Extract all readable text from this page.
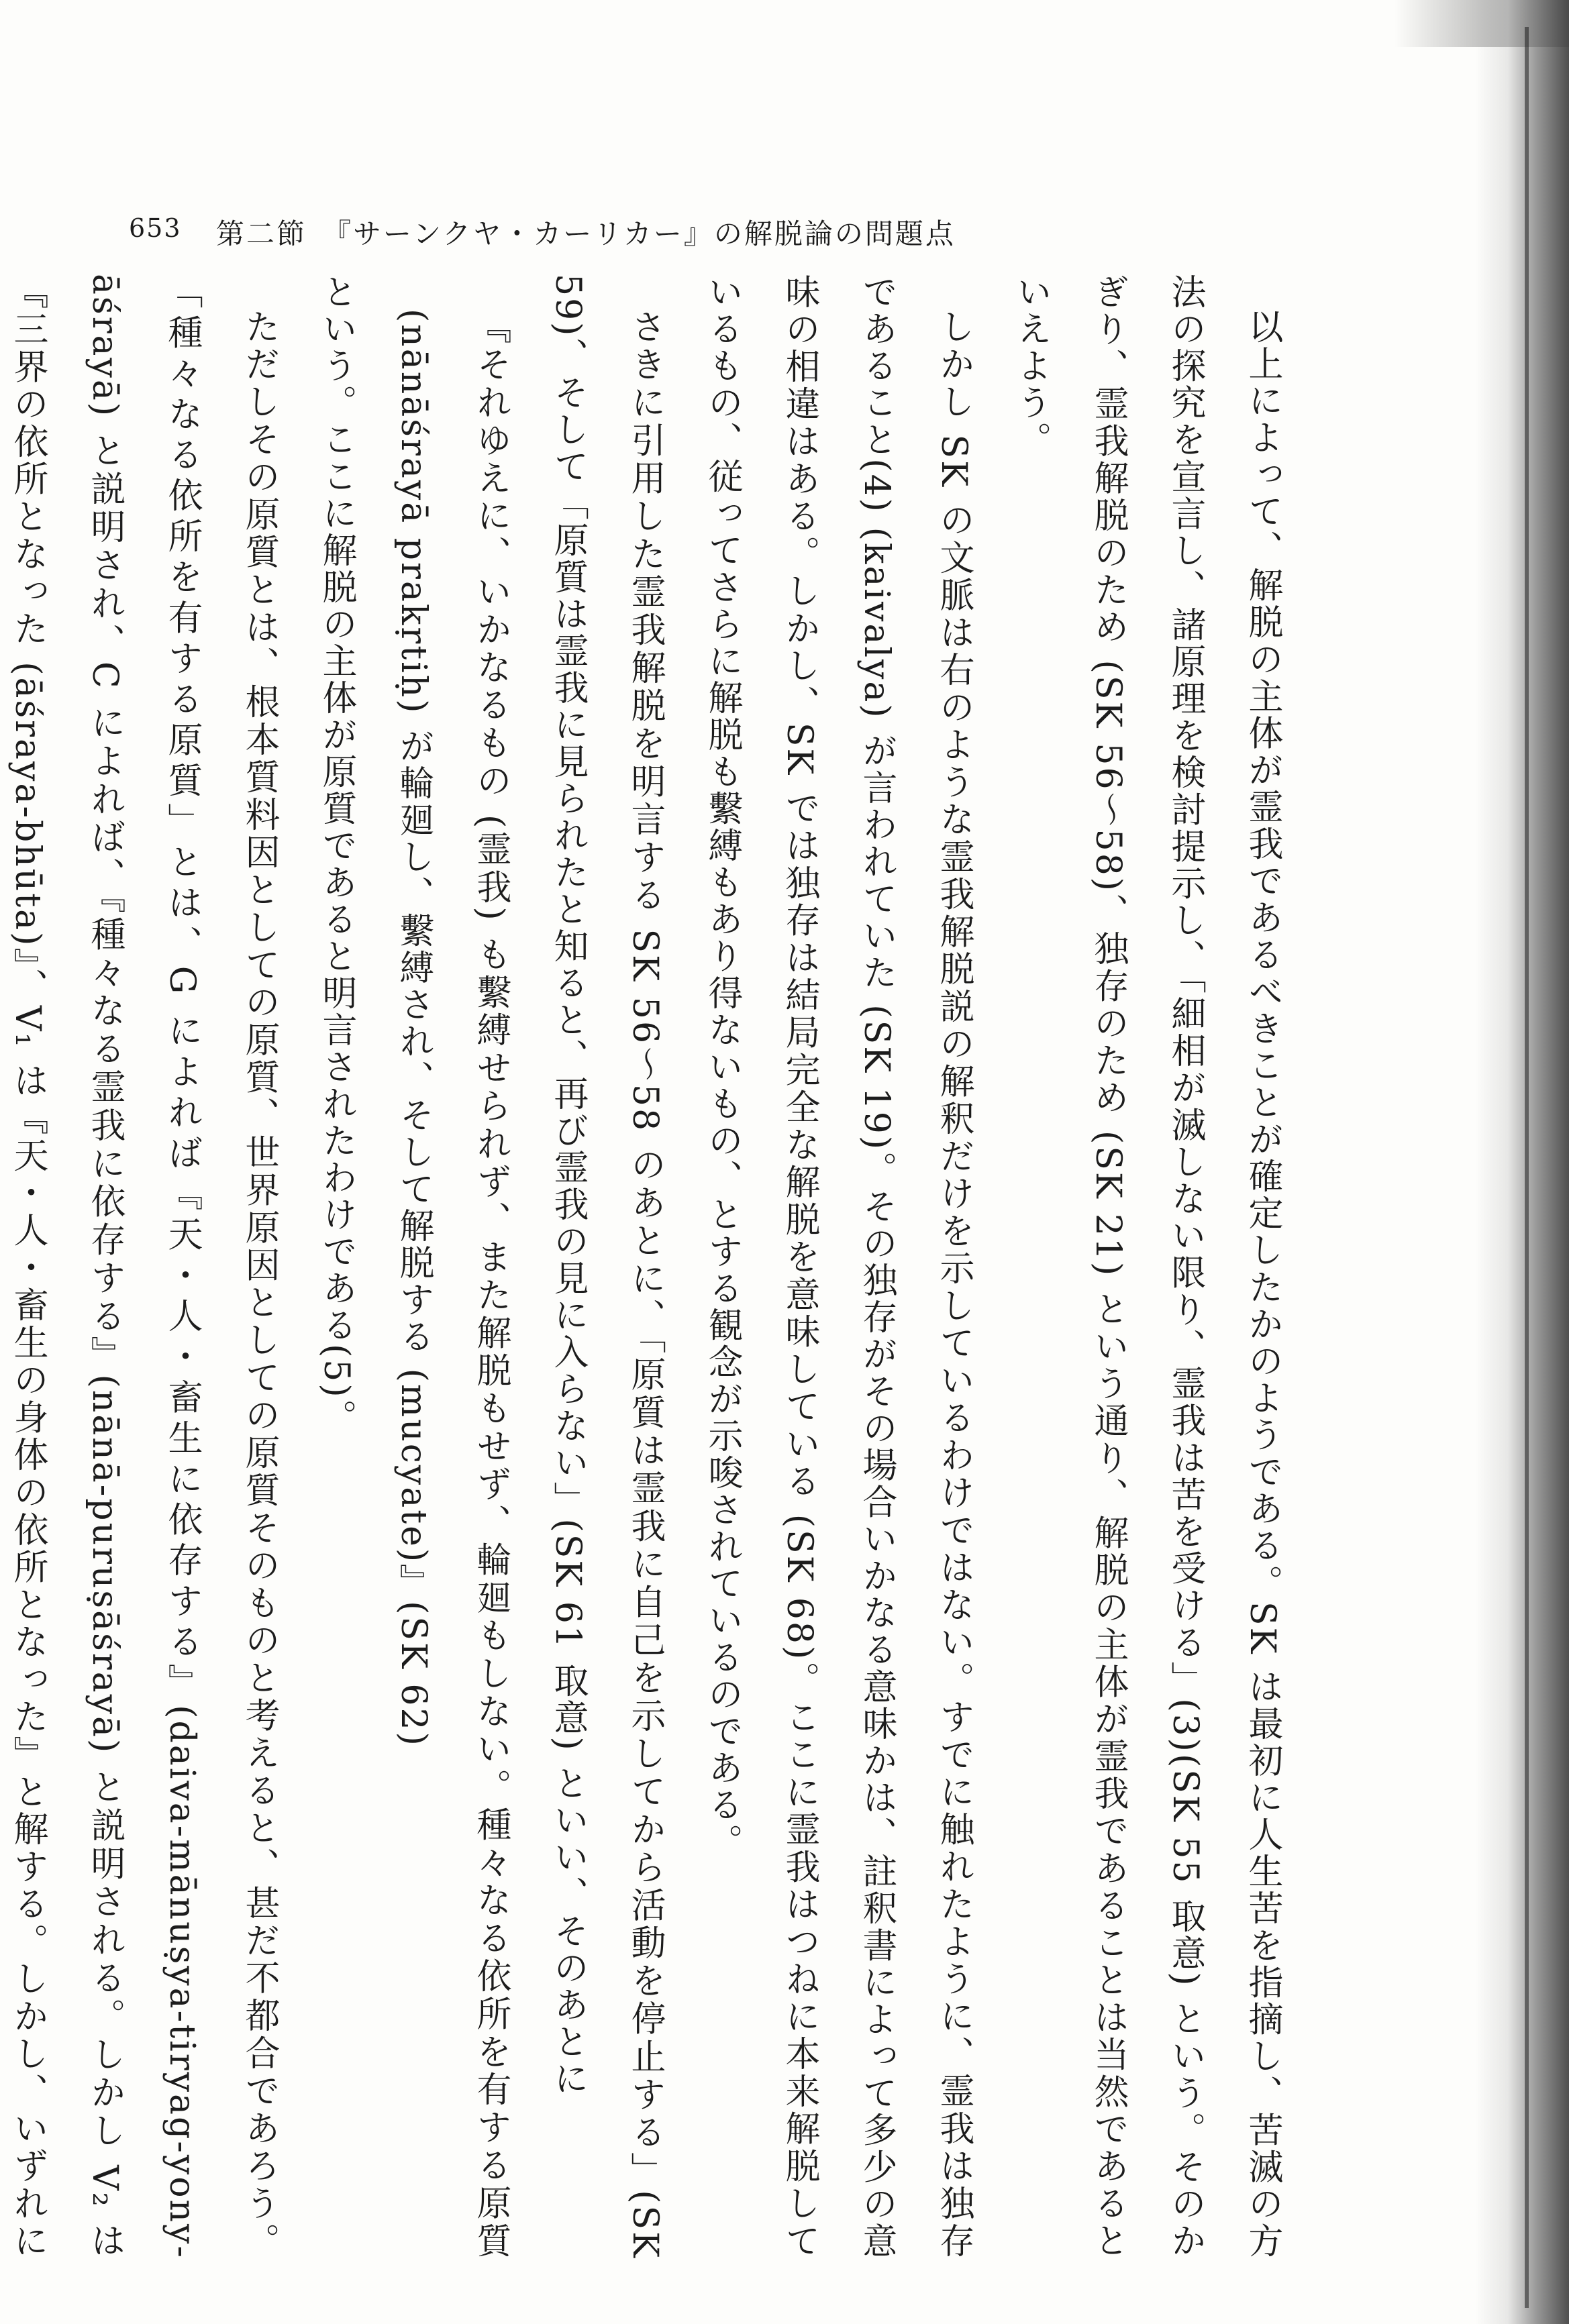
653 第二節　『サーンクヤ・カーリカー』の解脱論の問題点

以上によって、解脱の主体が霊我であるべきことが確定したかのようである。SK は最初に人生苦を指摘し、苦滅の方法の探究を宣言し、諸原理を検討提示し、「細相が滅しない限り、霊我は苦を受ける」(3)(SK 55 取意) という。そのかぎり、霊我解脱のため (SK 56〜58)、独存のため (SK 21) という通り、解脱の主体が霊我であることは当然であるといえよう。

しかし SK の文脈は右のような霊我解脱説の解釈だけを示しているわけではない。すでに触れたように、霊我は独存であること(4) (kaivalya) が言われていた (SK 19)。その独存がその場合いかなる意味かは、註釈書によって多少の意味の相違はある。しかし、SK では独存は結局完全な解脱を意味している (SK 68)。ここに霊我はつねに本来解脱しているもの、従ってさらに解脱も繫縛もあり得ないもの、とする観念が示唆されているのである。

さきに引用した霊我解脱を明言する SK 56〜58 のあとに、「原質は霊我に自己を示してから活動を停止する」(SK 59)、そして「原質は霊我に見られたと知ると、再び霊我の見に入らない」(SK 61 取意) といい、そのあとに

『それゆえに、いかなるもの (霊我) も繫縛せられず、また解脱もせず、輪廻もしない。種々なる依所を有する原質 (nānāśrayā prakṛtiḥ) が輪廻し、繫縛され、そして解脱する (mucyate)』(SK 62)

という。ここに解脱の主体が原質であると明言されたわけである(5)。

ただしその原質とは、根本質料因としての原質、世界原因としての原質そのものと考えると、甚だ不都合であろう。「種々なる依所を有する原質」とは、G によれば『天・人・畜生に依存する』(daiva-mānuṣya-tiryag-yony-āśrayā) と説明され、C によれば、『種々なる霊我に依存する』(nānā-puruṣāśrayā) と説明される。しかし V₂ は『三界の依所となった (āśraya-bhūta)』、V₁ は『天・人・畜生の身体の依所となった』と解する。しかし、いずれに
